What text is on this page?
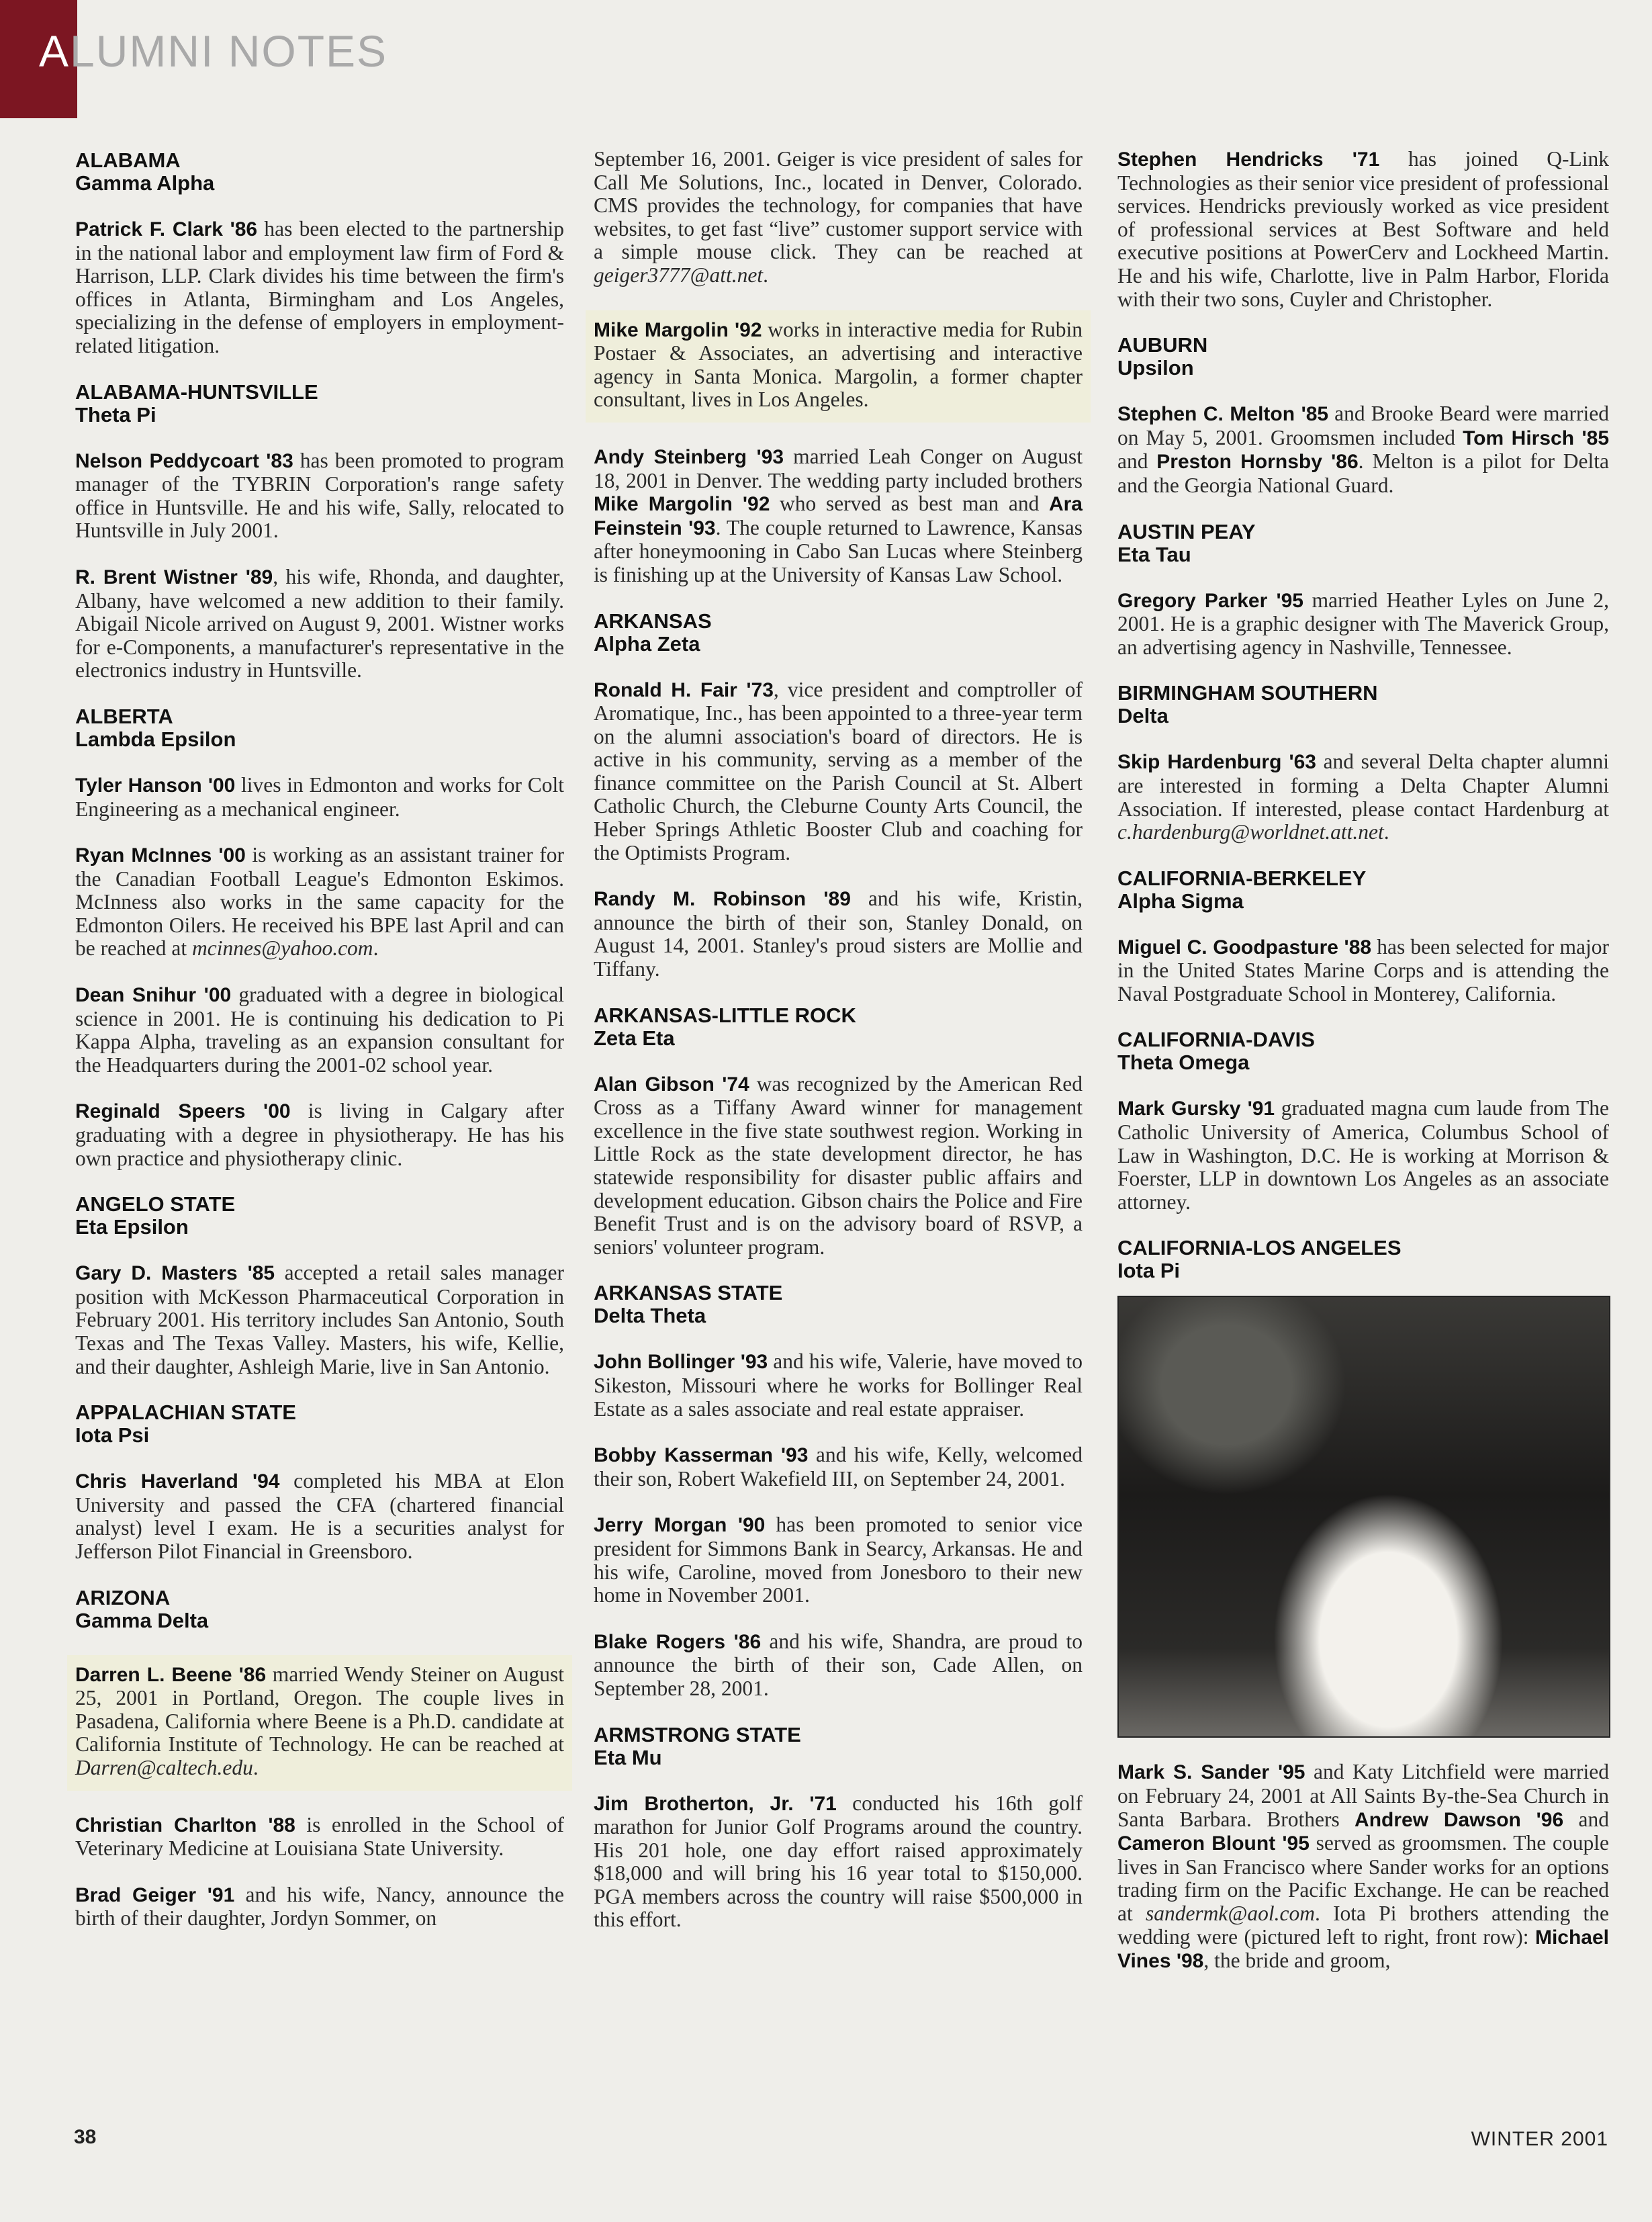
ALUMNI NOTES
ALABAMA
Gamma Alpha

Patrick F. Clark '86 has been elected to the partnership in the national labor and employment law firm of Ford & Harrison, LLP. Clark divides his time between the firm's offices in Atlanta, Birmingham and Los Angeles, specializing in the defense of employers in employment-related litigation.

ALABAMA-HUNTSVILLE
Theta Pi

Nelson Peddycoart '83 has been promoted to program manager of the TYBRIN Corporation's range safety office in Huntsville. He and his wife, Sally, relocated to Huntsville in July 2001.

R. Brent Wistner '89, his wife, Rhonda, and daughter, Albany, have welcomed a new addition to their family. Abigail Nicole arrived on August 9, 2001. Wistner works for e-Components, a manufacturer's representative in the electronics industry in Huntsville.

ALBERTA
Lambda Epsilon

Tyler Hanson '00 lives in Edmonton and works for Colt Engineering as a mechanical engineer.

Ryan McInnes '00 is working as an assistant trainer for the Canadian Football League's Edmonton Eskimos. McInness also works in the same capacity for the Edmonton Oilers. He received his BPE last April and can be reached at mcinnes@yahoo.com.

Dean Snihur '00 graduated with a degree in biological science in 2001. He is continuing his dedication to Pi Kappa Alpha, traveling as an expansion consultant for the Headquarters during the 2001-02 school year.

Reginald Speers '00 is living in Calgary after graduating with a degree in physiotherapy. He has his own practice and physiotherapy clinic.

ANGELO STATE
Eta Epsilon

Gary D. Masters '85 accepted a retail sales manager position with McKesson Pharmaceutical Corporation in February 2001. His territory includes San Antonio, South Texas and The Texas Valley. Masters, his wife, Kellie, and their daughter, Ashleigh Marie, live in San Antonio.

APPALACHIAN STATE
Iota Psi

Chris Haverland '94 completed his MBA at Elon University and passed the CFA (chartered financial analyst) level I exam. He is a securities analyst for Jefferson Pilot Financial in Greensboro.

ARIZONA
Gamma Delta

Darren L. Beene '86 married Wendy Steiner on August 25, 2001 in Portland, Oregon. The couple lives in Pasadena, California where Beene is a Ph.D. candidate at California Institute of Technology. He can be reached at Darren@caltech.edu.

Christian Charlton '88 is enrolled in the School of Veterinary Medicine at Louisiana State University.

Brad Geiger '91 and his wife, Nancy, announce the birth of their daughter, Jordyn Sommer, on

September 16, 2001. Geiger is vice president of sales for Call Me Solutions, Inc., located in Denver, Colorado. CMS provides the technology, for companies that have websites, to get fast “live” customer support service with a simple mouse click. They can be reached at geiger3777@att.net.

Mike Margolin '92 works in interactive media for Rubin Postaer & Associates, an advertising and interactive agency in Santa Monica. Margolin, a former chapter consultant, lives in Los Angeles.

Andy Steinberg '93 married Leah Conger on August 18, 2001 in Denver. The wedding party included brothers Mike Margolin '92 who served as best man and Ara Feinstein '93. The couple returned to Lawrence, Kansas after honeymooning in Cabo San Lucas where Steinberg is finishing up at the University of Kansas Law School.

ARKANSAS
Alpha Zeta

Ronald H. Fair '73, vice president and comptroller of Aromatique, Inc., has been appointed to a three-year term on the alumni association's board of directors. He is active in his community, serving as a member of the finance committee on the Parish Council at St. Albert Catholic Church, the Cleburne County Arts Council, the Heber Springs Athletic Booster Club and coaching for the Optimists Program.

Randy M. Robinson '89 and his wife, Kristin, announce the birth of their son, Stanley Donald, on August 14, 2001. Stanley's proud sisters are Mollie and Tiffany.

ARKANSAS-LITTLE ROCK
Zeta Eta

Alan Gibson '74 was recognized by the American Red Cross as a Tiffany Award winner for management excellence in the five state southwest region. Working in Little Rock as the state development director, he has statewide responsibility for disaster public affairs and development education. Gibson chairs the Police and Fire Benefit Trust and is on the advisory board of RSVP, a seniors' volunteer program.

ARKANSAS STATE
Delta Theta

John Bollinger '93 and his wife, Valerie, have moved to Sikeston, Missouri where he works for Bollinger Real Estate as a sales associate and real estate appraiser.

Bobby Kasserman '93 and his wife, Kelly, welcomed their son, Robert Wakefield III, on September 24, 2001.

Jerry Morgan '90 has been promoted to senior vice president for Simmons Bank in Searcy, Arkansas. He and his wife, Caroline, moved from Jonesboro to their new home in November 2001.

Blake Rogers '86 and his wife, Shandra, are proud to announce the birth of their son, Cade Allen, on September 28, 2001.

ARMSTRONG STATE
Eta Mu

Jim Brotherton, Jr. '71 conducted his 16th golf marathon for Junior Golf Programs around the country. His 201 hole, one day effort raised approximately $18,000 and will bring his 16 year total to $150,000. PGA members across the country will raise $500,000 in this effort.

Stephen Hendricks '71 has joined Q-Link Technologies as their senior vice president of professional services. Hendricks previously worked as vice president of professional services at Best Software and held executive positions at PowerCerv and Lockheed Martin. He and his wife, Charlotte, live in Palm Harbor, Florida with their two sons, Cuyler and Christopher.

AUBURN
Upsilon

Stephen C. Melton '85 and Brooke Beard were married on May 5, 2001. Groomsmen included Tom Hirsch '85 and Preston Hornsby '86. Melton is a pilot for Delta and the Georgia National Guard.

AUSTIN PEAY
Eta Tau

Gregory Parker '95 married Heather Lyles on June 2, 2001. He is a graphic designer with The Maverick Group, an advertising agency in Nashville, Tennessee.

BIRMINGHAM SOUTHERN
Delta

Skip Hardenburg '63 and several Delta chapter alumni are interested in forming a Delta Chapter Alumni Association. If interested, please contact Hardenburg at c.hardenburg@worldnet.att.net.

CALIFORNIA-BERKELEY
Alpha Sigma

Miguel C. Goodpasture '88 has been selected for major in the United States Marine Corps and is attending the Naval Postgraduate School in Monterey, California.

CALIFORNIA-DAVIS
Theta Omega

Mark Gursky '91 graduated magna cum laude from The Catholic University of America, Columbus School of Law in Washington, D.C. He is working at Morrison & Foerster, LLP in downtown Los Angeles as an associate attorney.

CALIFORNIA-LOS ANGELES
Iota Pi

Mark S. Sander '95 and Katy Litchfield were married on February 24, 2001 at All Saints By-the-Sea Church in Santa Barbara. Brothers Andrew Dawson '96 and Cameron Blount '95 served as groomsmen. The couple lives in San Francisco where Sander works for an options trading firm on the Pacific Exchange. He can be reached at sandermk@aol.com. Iota Pi brothers attending the wedding were (pictured left to right, front row): Michael Vines '98, the bride and groom,

38	WINTER 2001
